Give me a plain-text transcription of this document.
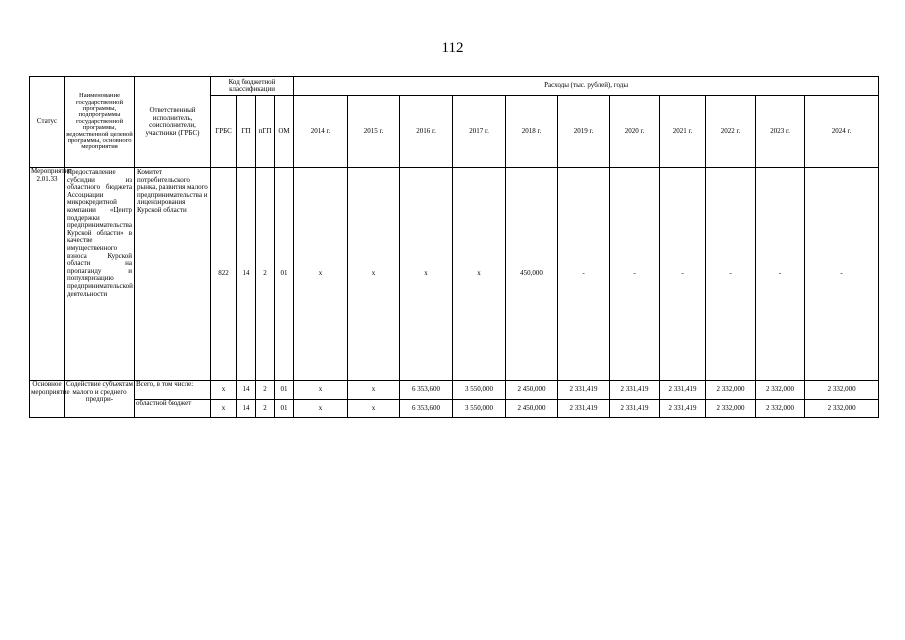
112
Статус	Наименование государственной программы, подпрограммы государственной программы, ведомственной целевой программы, основного мероприятия	Ответственный исполнитель, соисполнители, участники (ГРБС)	Код бюджетной классификации				Расходы (тыс. рублей), годы										
			ГРБС	ГП	пГП	ОМ	2014 г.	2015 г.	2016 г.	2017 г.	2018 г.	2019 г.	2020 г.	2021 г.	2022 г.	2023 г.	2024 г.
Мероприятие 2.01.33	Предоставление субсидии из областного бюджета Ассоциации микрокредитной компании «Центр поддержки предпринимательства Курской области» в качестве имущественного взноса Курской области на пропаганду и популяризацию предпринимательской деятельности	Комитет потребительского рынка, развития малого предпринимательства и лицензирования Курской области	822	14	2	01	x	x	x	x	450,000	-	-	-	-	-	-
Основное мероприятие	Содействие субъектам малого и среднего предпри-	Всего, в том числе:	x	14	2	01	x	x	6 353,600	3 550,000	2 450,000	2 331,419	2 331,419	2 331,419	2 332,000	2 332,000	2 332,000
		областной бюджет	x	14	2	01	x	x	6 353,600	3 550,000	2 450,000	2 331,419	2 331,419	2 331,419	2 332,000	2 332,000	2 332,000
